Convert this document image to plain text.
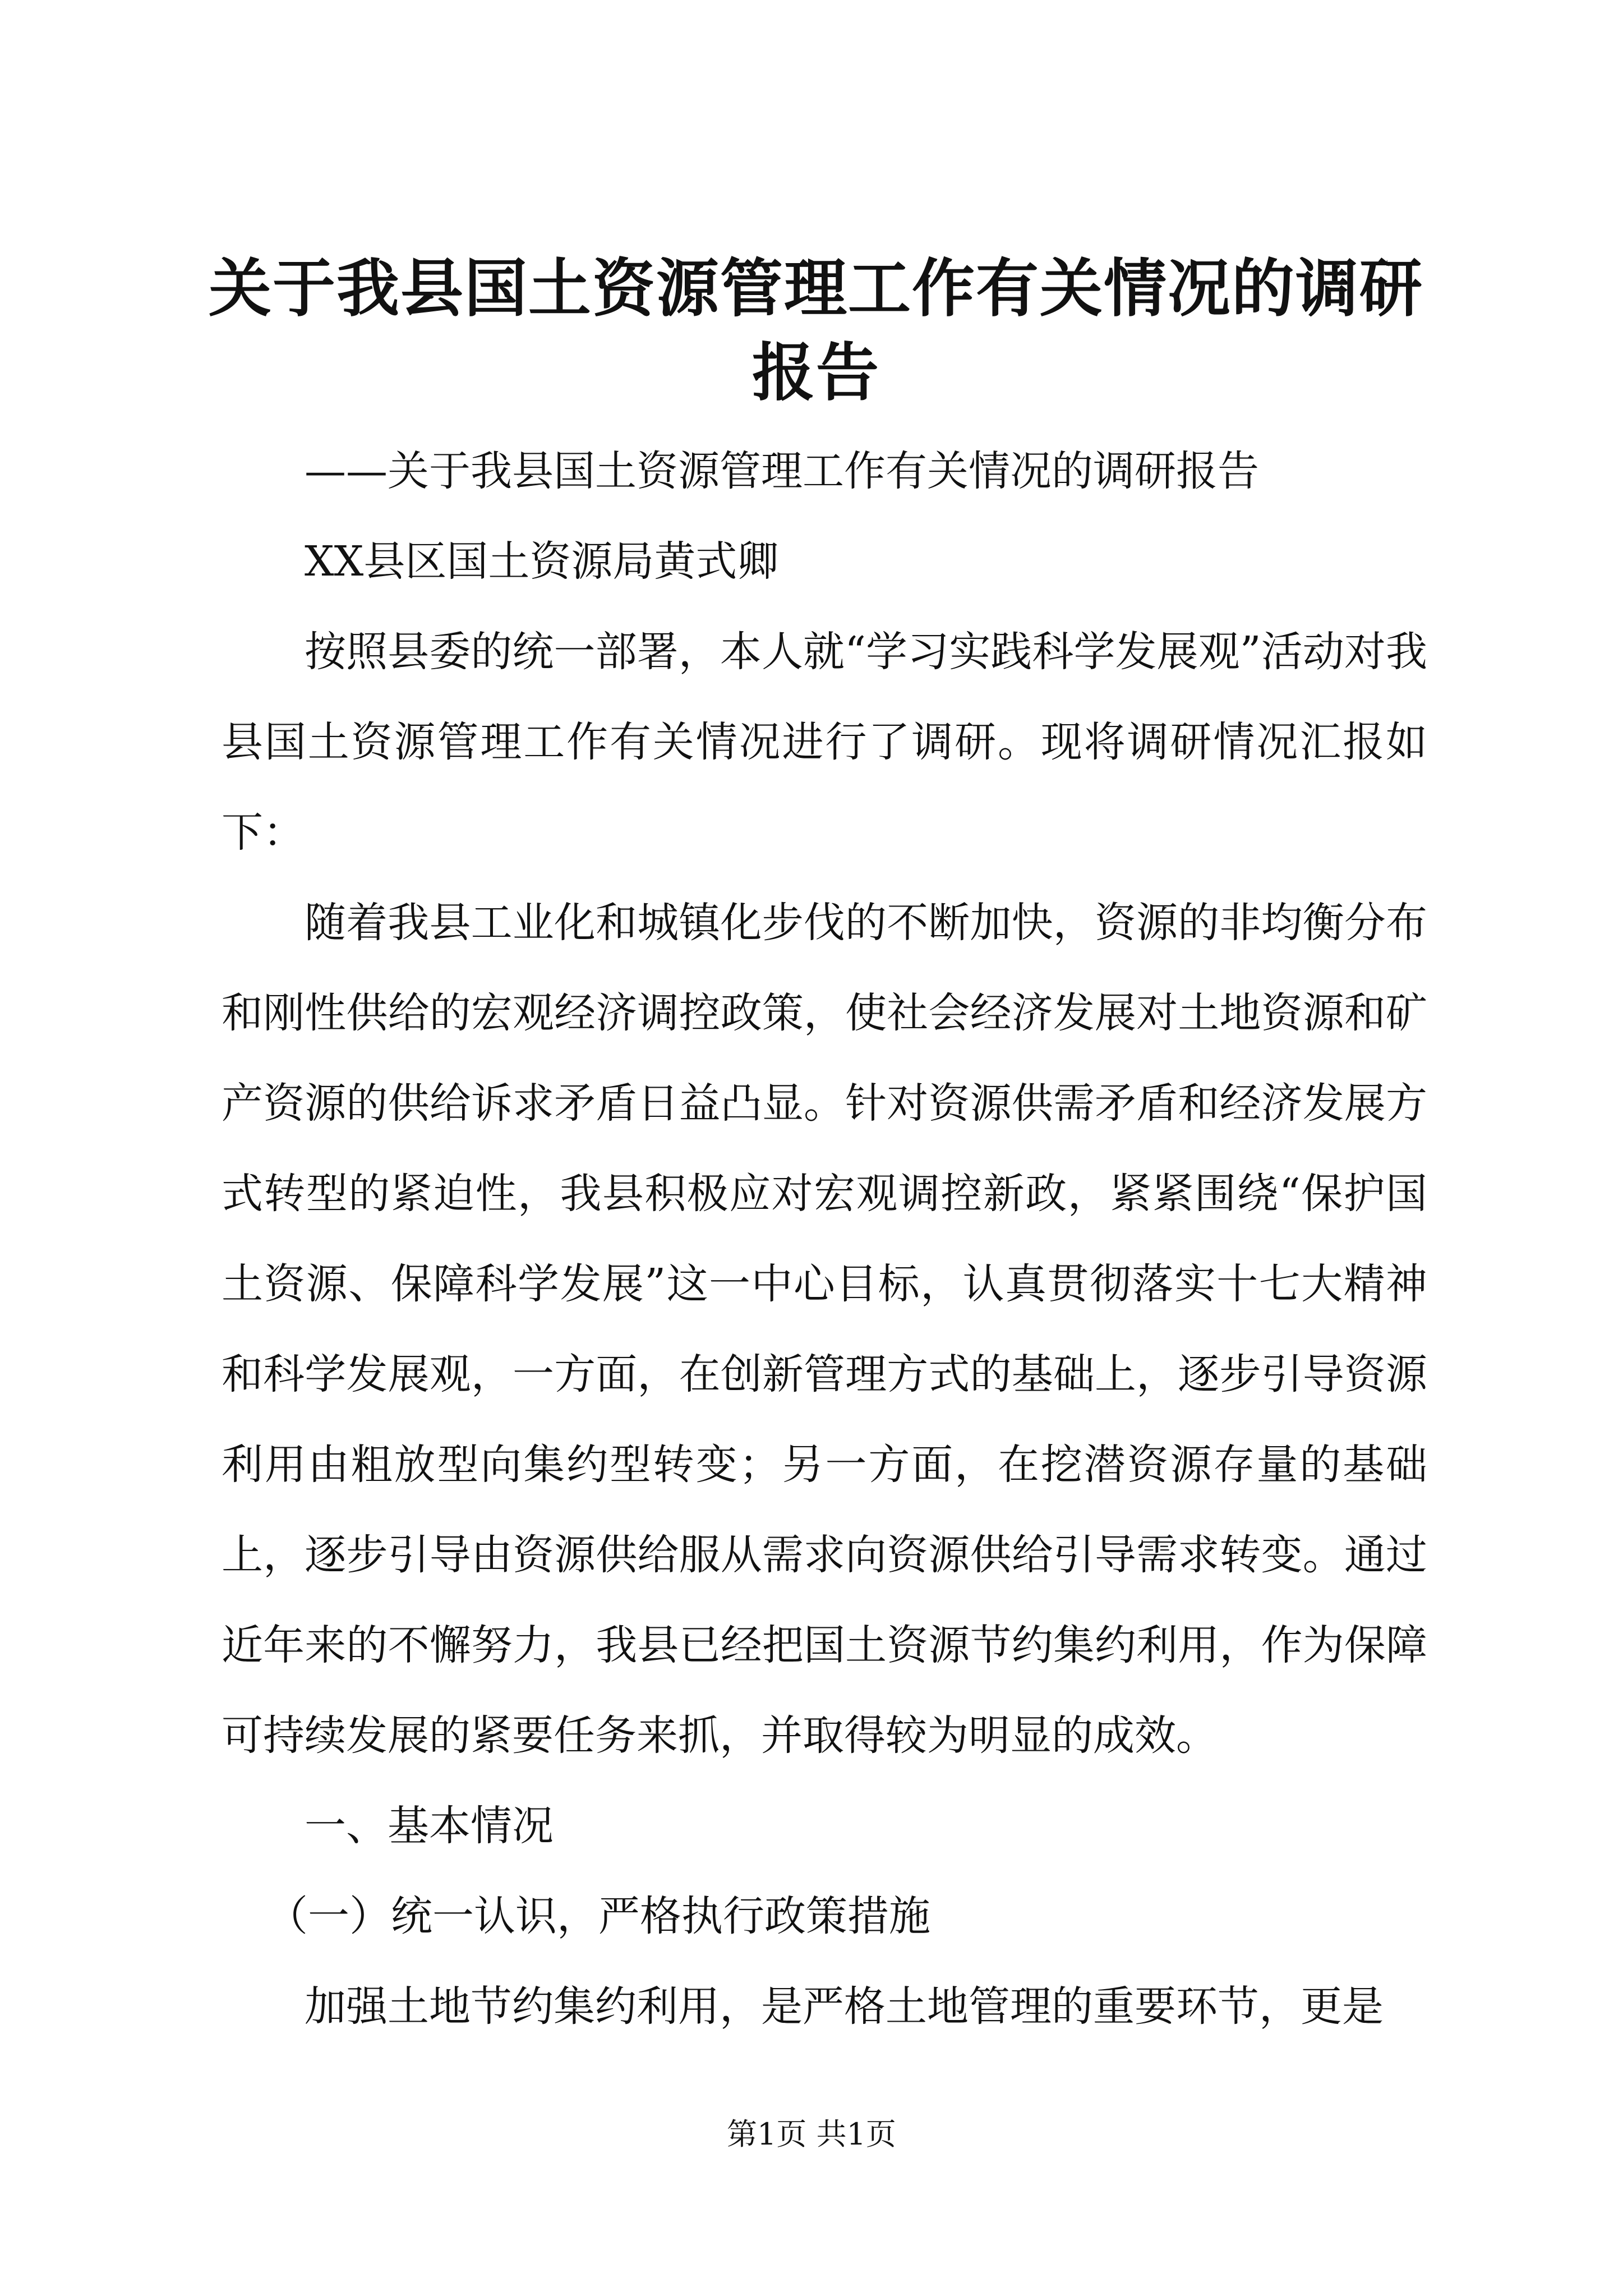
关于我县国土资源管理工作有关情况的调研报告

——关于我县国土资源管理工作有关情况的调研报告

XX县区国土资源局黄式卿

按照县委的统一部署，本人就“学习实践科学发展观”活动对我县国土资源管理工作有关情况进行了调研。现将调研情况汇报如下：

随着我县工业化和城镇化步伐的不断加快，资源的非均衡分布和刚性供给的宏观经济调控政策，使社会经济发展对土地资源和矿产资源的供给诉求矛盾日益凸显。针对资源供需矛盾和经济发展方式转型的紧迫性，我县积极应对宏观调控新政，紧紧围绕“保护国土资源、保障科学发展”这一中心目标，认真贯彻落实十七大精神和科学发展观，一方面，在创新管理方式的基础上，逐步引导资源利用由粗放型向集约型转变；另一方面，在挖潜资源存量的基础上，逐步引导由资源供给服从需求向资源供给引导需求转变。通过近年来的不懈努力，我县已经把国土资源节约集约利用，作为保障可持续发展的紧要任务来抓，并取得较为明显的成效。

一、基本情况

（一）统一认识，严格执行政策措施

加强土地节约集约利用，是严格土地管理的重要环节，更是

第1页 共1页
